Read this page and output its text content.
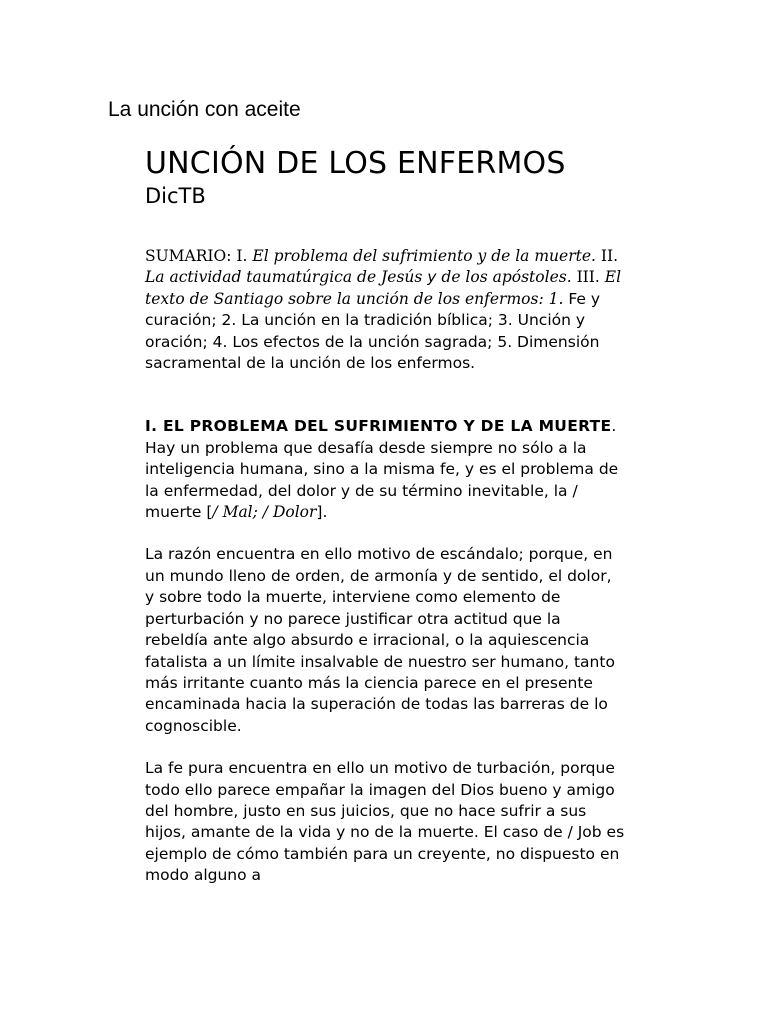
La unción con aceite
UNCIÓN DE LOS ENFERMOS
DicTB

SUMARIO: I. El problema del sufrimiento y de la muerte. II. La actividad taumatúrgica de Jesús y de los apóstoles. III. El texto de Santiago sobre la unción de los enfermos: 1. Fe y curación; 2. La unción en la tradición bíblica; 3. Unción y oración; 4. Los efectos de la unción sagrada; 5. Dimensión sacramental de la unción de los enfermos.

I. EL PROBLEMA DEL SUFRIMIENTO Y DE LA MUERTE. Hay un problema que desafía desde siempre no sólo a la inteligencia humana, sino a la misma fe, y es el problema de la enfermedad, del dolor y de su término inevitable, la / muerte [/ Mal; / Dolor].

La razón encuentra en ello motivo de escándalo; porque, en un mundo lleno de orden, de armonía y de sentido, el dolor, y sobre todo la muerte, interviene como elemento de perturbación y no parece justificar otra actitud que la rebeldía ante algo absurdo e irracional, o la aquiescencia fatalista a un límite insalvable de nuestro ser humano, tanto más irritante cuanto más la ciencia parece en el presente encaminada hacia la superación de todas las barreras de lo cognoscible.

La fe pura encuentra en ello un motivo de turbación, porque todo ello parece empañar la imagen del Dios bueno y amigo del hombre, justo en sus juicios, que no hace sufrir a sus hijos, amante de la vida y no de la muerte. El caso de / Job es ejemplo de cómo también para un creyente, no dispuesto en modo alguno a
